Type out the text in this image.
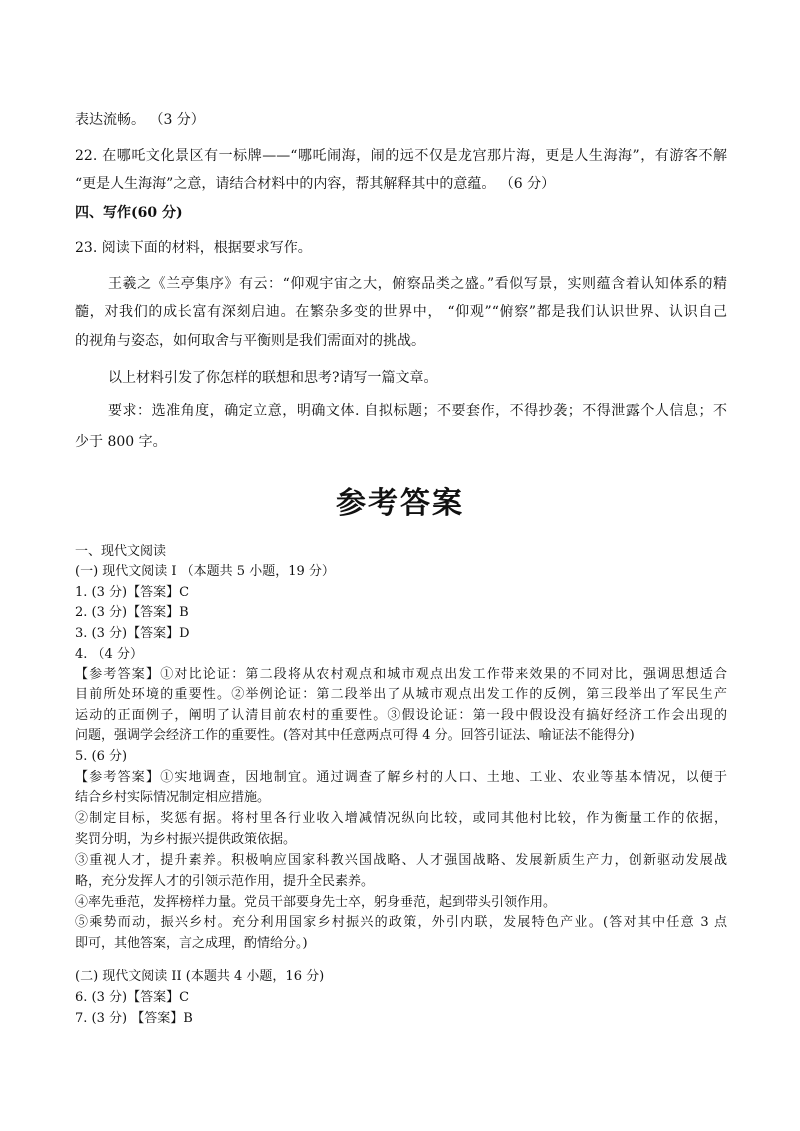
表达流畅。 （3 分）
22. 在哪吒文化景区有一标牌——“哪吒闹海，闹的远不仅是龙宫那片海，更是人生海海”，有游客不解
“更是人生海海”之意，请结合材料中的内容，帮其解释其中的意蕴。 （6 分）
四、写作(60 分)
23. 阅读下面的材料，根据要求写作。
王羲之《兰亭集序》有云：“仰观宇宙之大，俯察品类之盛。”看似写景，实则蕴含着认知体系的精
髓，对我们的成长富有深刻启迪。在繁杂多变的世界中， “仰观”“俯察”都是我们认识世界、认识自己
的视角与姿态，如何取舍与平衡则是我们需面对的挑战。
以上材料引发了你怎样的联想和思考?请写一篇文章。
要求：选准角度，确定立意，明确文体. 自拟标题；不要套作，不得抄袭；不得泄露个人信息；不
少于 800 字。
参考答案
一、现代文阅读
(一) 现代文阅读 I （本题共 5 小题，19 分）
1. (3 分)【答案】C
2. (3 分)【答案】B
3. (3 分)【答案】D
4. （4 分）
【参考答案】①对比论证：第二段将从农村观点和城市观点出发工作带来效果的不同对比，强调思想适合
目前所处环境的重要性。②举例论证：第二段举出了从城市观点出发工作的反例，第三段举出了军民生产
运动的正面例子，阐明了认清目前农村的重要性。③假设论证：第一段中假设没有搞好经济工作会出现的
问题，强调学会经济工作的重要性。(答对其中任意两点可得 4 分。回答引证法、喻证法不能得分)
5. (6 分)
【参考答案】①实地调查，因地制宜。通过调查了解乡村的人口、土地、工业、农业等基本情况，以便于
结合乡村实际情况制定相应措施。
②制定目标，奖惩有据。将村里各行业收入增减情况纵向比较，或同其他村比较，作为衡量工作的依据，
奖罚分明，为乡村振兴提供政策依据。
③重视人才，提升素养。积极响应国家科教兴国战略、人才强国战略、发展新质生产力，创新驱动发展战
略，充分发挥人才的引领示范作用，提升全民素养。
④率先垂范，发挥榜样力量。党员干部要身先士卒，躬身垂范，起到带头引领作用。
⑤乘势而动，振兴乡村。充分利用国家乡村振兴的政策，外引内联，发展特色产业。(答对其中任意 3 点
即可，其他答案，言之成理，酌情给分。)
(二) 现代文阅读 II (本题共 4 小题，16 分)
6. (3 分)【答案】C
7. (3 分) 【答案】B
